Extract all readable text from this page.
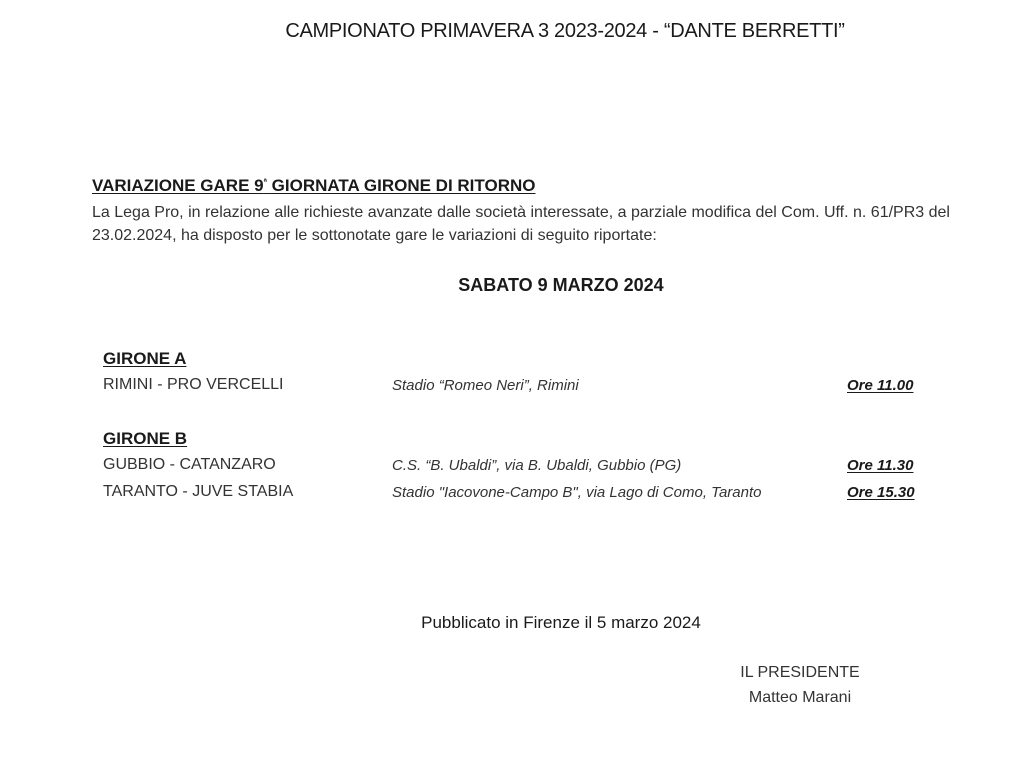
CAMPIONATO PRIMAVERA 3 2023-2024 - “DANTE BERRETTI”
VARIAZIONE GARE $9^ª$ GIORNATA GIRONE DI RITORNO
La Lega Pro, in relazione alle richieste avanzate dalle società interessate, a parziale modifica del Com. Uff. n. 61/PR3 del 23.02.2024, ha disposto per le sottonotate gare le variazioni di seguito riportate:
SABATO 9 MARZO 2024
GIRONE A
RIMINI - PRO VERCELLI	Stadio “Romeo Neri”, Rimini	Ore 11.00
GIRONE B
GUBBIO - CATANZARO	C.S. “B. Ubaldi”, via B. Ubaldi, Gubbio (PG)	Ore 11.30
TARANTO - JUVE STABIA	Stadio "Iacovone-Campo B", via Lago di Como, Taranto	Ore 15.30
Pubblicato in Firenze il 5 marzo 2024
IL PRESIDENTE
Matteo Marani
